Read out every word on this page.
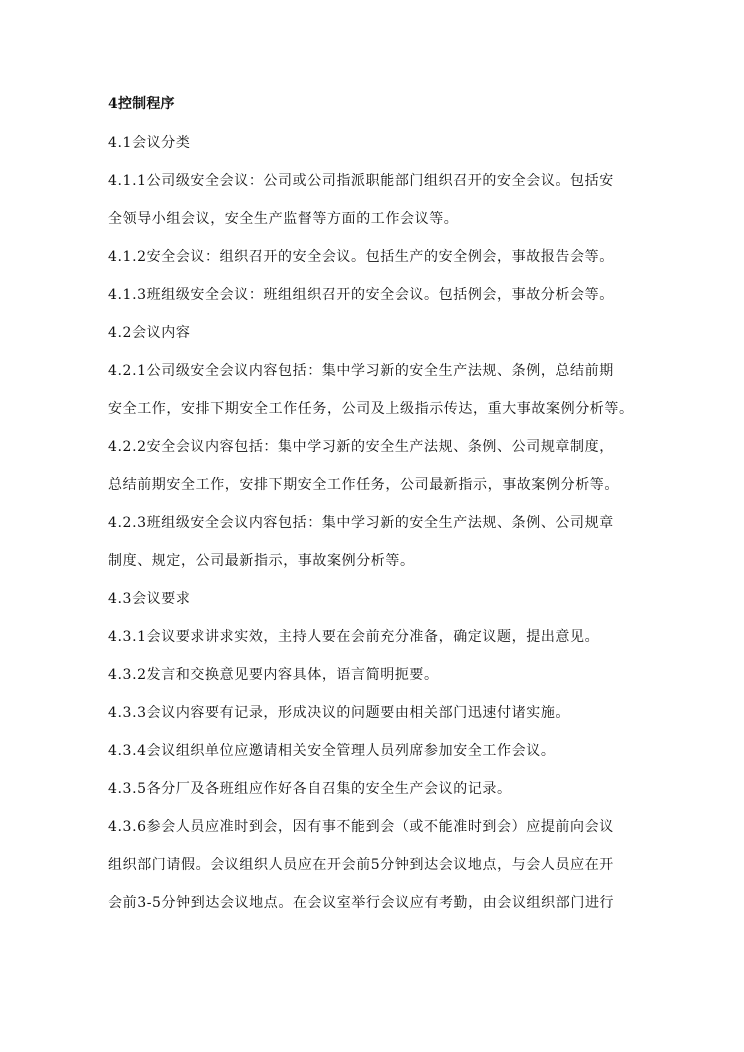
4控制程序
4.1会议分类
4.1.1公司级安全会议：公司或公司指派职能部门组织召开的安全会议。包括安
全领导小组会议，安全生产监督等方面的工作会议等。
4.1.2安全会议：组织召开的安全会议。包括生产的安全例会，事故报告会等。
4.1.3班组级安全会议：班组组织召开的安全会议。包括例会，事故分析会等。
4.2会议内容
4.2.1公司级安全会议内容包括：集中学习新的安全生产法规、条例，总结前期
安全工作，安排下期安全工作任务，公司及上级指示传达，重大事故案例分析等。
4.2.2安全会议内容包括：集中学习新的安全生产法规、条例、公司规章制度，
总结前期安全工作，安排下期安全工作任务，公司最新指示，事故案例分析等。
4.2.3班组级安全会议内容包括：集中学习新的安全生产法规、条例、公司规章
制度、规定，公司最新指示，事故案例分析等。
4.3会议要求
4.3.1会议要求讲求实效，主持人要在会前充分准备，确定议题，提出意见。
4.3.2发言和交换意见要内容具体，语言简明扼要。
4.3.3会议内容要有记录，形成决议的问题要由相关部门迅速付诸实施。
4.3.4会议组织单位应邀请相关安全管理人员列席参加安全工作会议。
4.3.5各分厂及各班组应作好各自召集的安全生产会议的记录。
4.3.6参会人员应准时到会，因有事不能到会（或不能准时到会）应提前向会议
组织部门请假。会议组织人员应在开会前5分钟到达会议地点，与会人员应在开
会前3-5分钟到达会议地点。在会议室举行会议应有考勤，由会议组织部门进行
